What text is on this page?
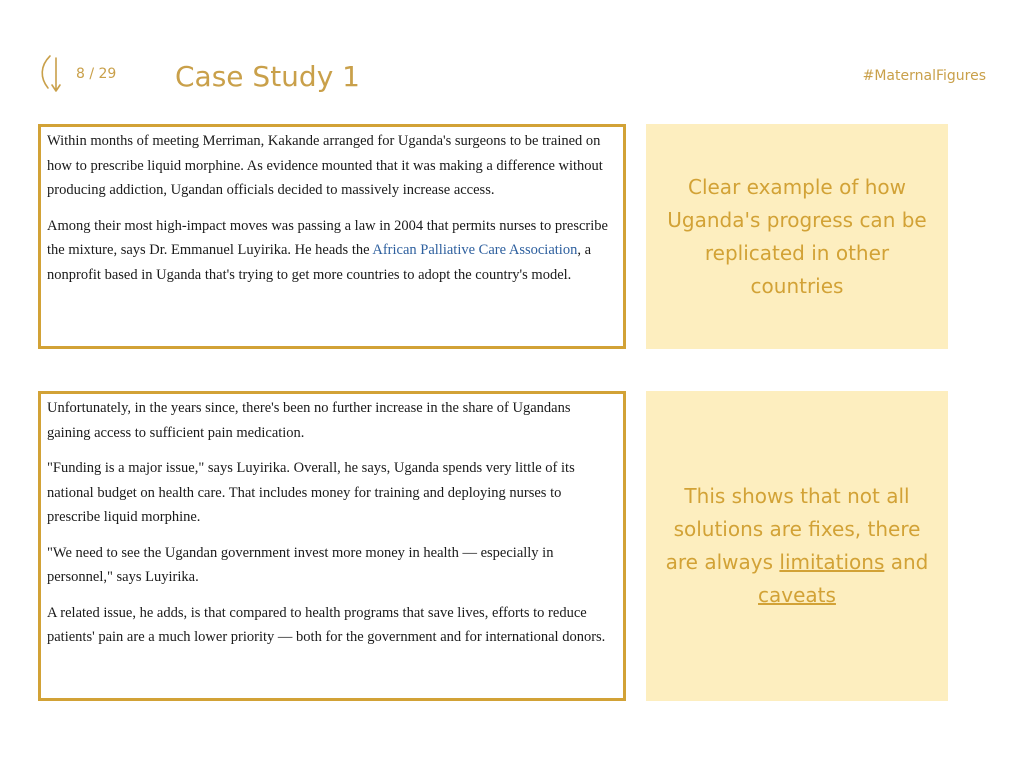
8 / 29 Case Study 1	#MaternalFigures

Within months of meeting Merriman, Kakande arranged for Uganda's surgeons to be trained on how to prescribe liquid morphine. As evidence mounted that it was making a difference without producing addiction, Ugandan officials decided to massively increase access.

Among their most high-impact moves was passing a law in 2004 that permits nurses to prescribe the mixture, says Dr. Emmanuel Luyirika. He heads the African Palliative Care Association, a nonprofit based in Uganda that's trying to get more countries to adopt the country's model.

Clear example of how Uganda's progress can be replicated in other countries

Unfortunately, in the years since, there's been no further increase in the share of Ugandans gaining access to sufficient pain medication.

"Funding is a major issue," says Luyirika. Overall, he says, Uganda spends very little of its national budget on health care. That includes money for training and deploying nurses to prescribe liquid morphine.

"We need to see the Ugandan government invest more money in health — especially in personnel," says Luyirika.

A related issue, he adds, is that compared to health programs that save lives, efforts to reduce patients' pain are a much lower priority — both for the government and for international donors.

This shows that not all solutions are fixes, there are always limitations and caveats
